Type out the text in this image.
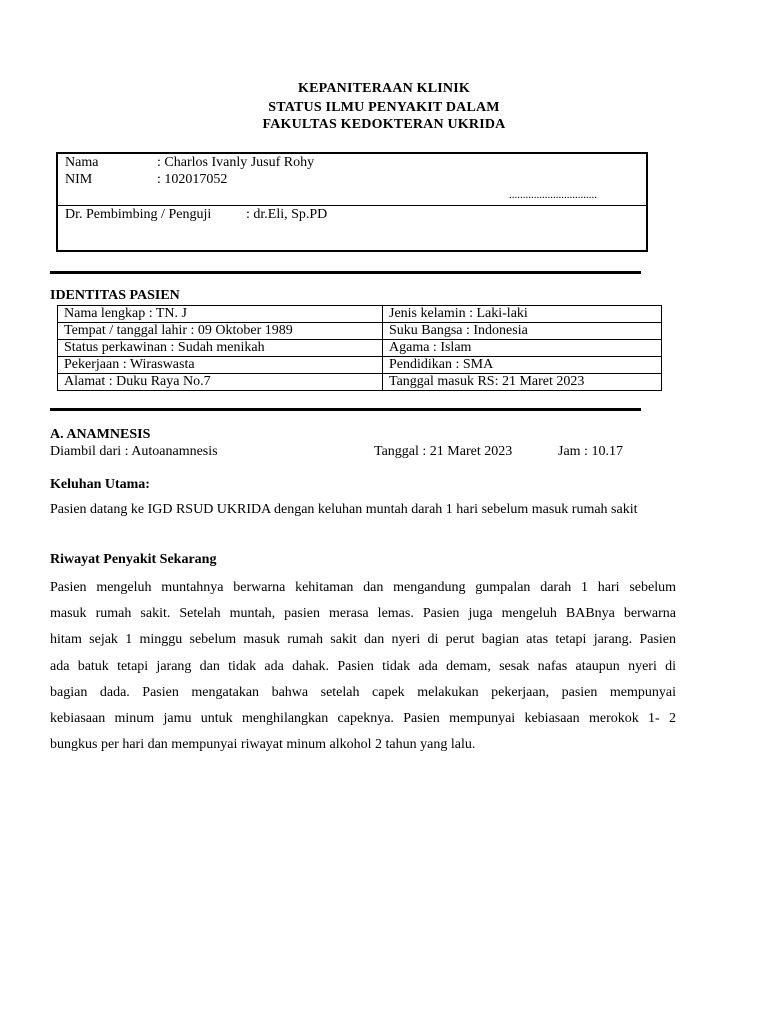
KEPANITERAAN KLINIK
STATUS ILMU PENYAKIT DALAM
FAKULTAS KEDOKTERAN UKRIDA
Nama	: Charlos Ivanly Jusuf Rohy
NIM	: 102017052
................................
Dr. Pembimbing / Penguji : dr.Eli, Sp.PD
IDENTITAS PASIEN
Nama lengkap : TN. J	Jenis kelamin : Laki-laki
Tempat / tanggal lahir : 09 Oktober 1989	Suku Bangsa : Indonesia
Status perkawinan : Sudah menikah	Agama : Islam
Pekerjaan : Wiraswasta	Pendidikan : SMA
Alamat : Duku Raya No.7	Tanggal masuk RS: 21 Maret 2023
A. ANAMNESIS
Diambil dari : Autoanamnesis	Tanggal : 21 Maret 2023	Jam : 10.17
Keluhan Utama:
Pasien datang ke IGD RSUD UKRIDA dengan keluhan muntah darah 1 hari sebelum masuk rumah sakit
Riwayat Penyakit Sekarang
Pasien mengeluh muntahnya berwarna kehitaman dan mengandung gumpalan darah 1 hari sebelum
masuk rumah sakit. Setelah muntah, pasien merasa lemas. Pasien juga mengeluh BABnya berwarna
hitam sejak 1 minggu sebelum masuk rumah sakit dan nyeri di perut bagian atas tetapi jarang. Pasien
ada batuk tetapi jarang dan tidak ada dahak. Pasien tidak ada demam, sesak nafas ataupun nyeri di
bagian dada. Pasien mengatakan bahwa setelah capek melakukan pekerjaan, pasien mempunyai
kebiasaan minum jamu untuk menghilangkan capeknya. Pasien mempunyai kebiasaan merokok 1- 2
bungkus per hari dan mempunyai riwayat minum alkohol 2 tahun yang lalu.
